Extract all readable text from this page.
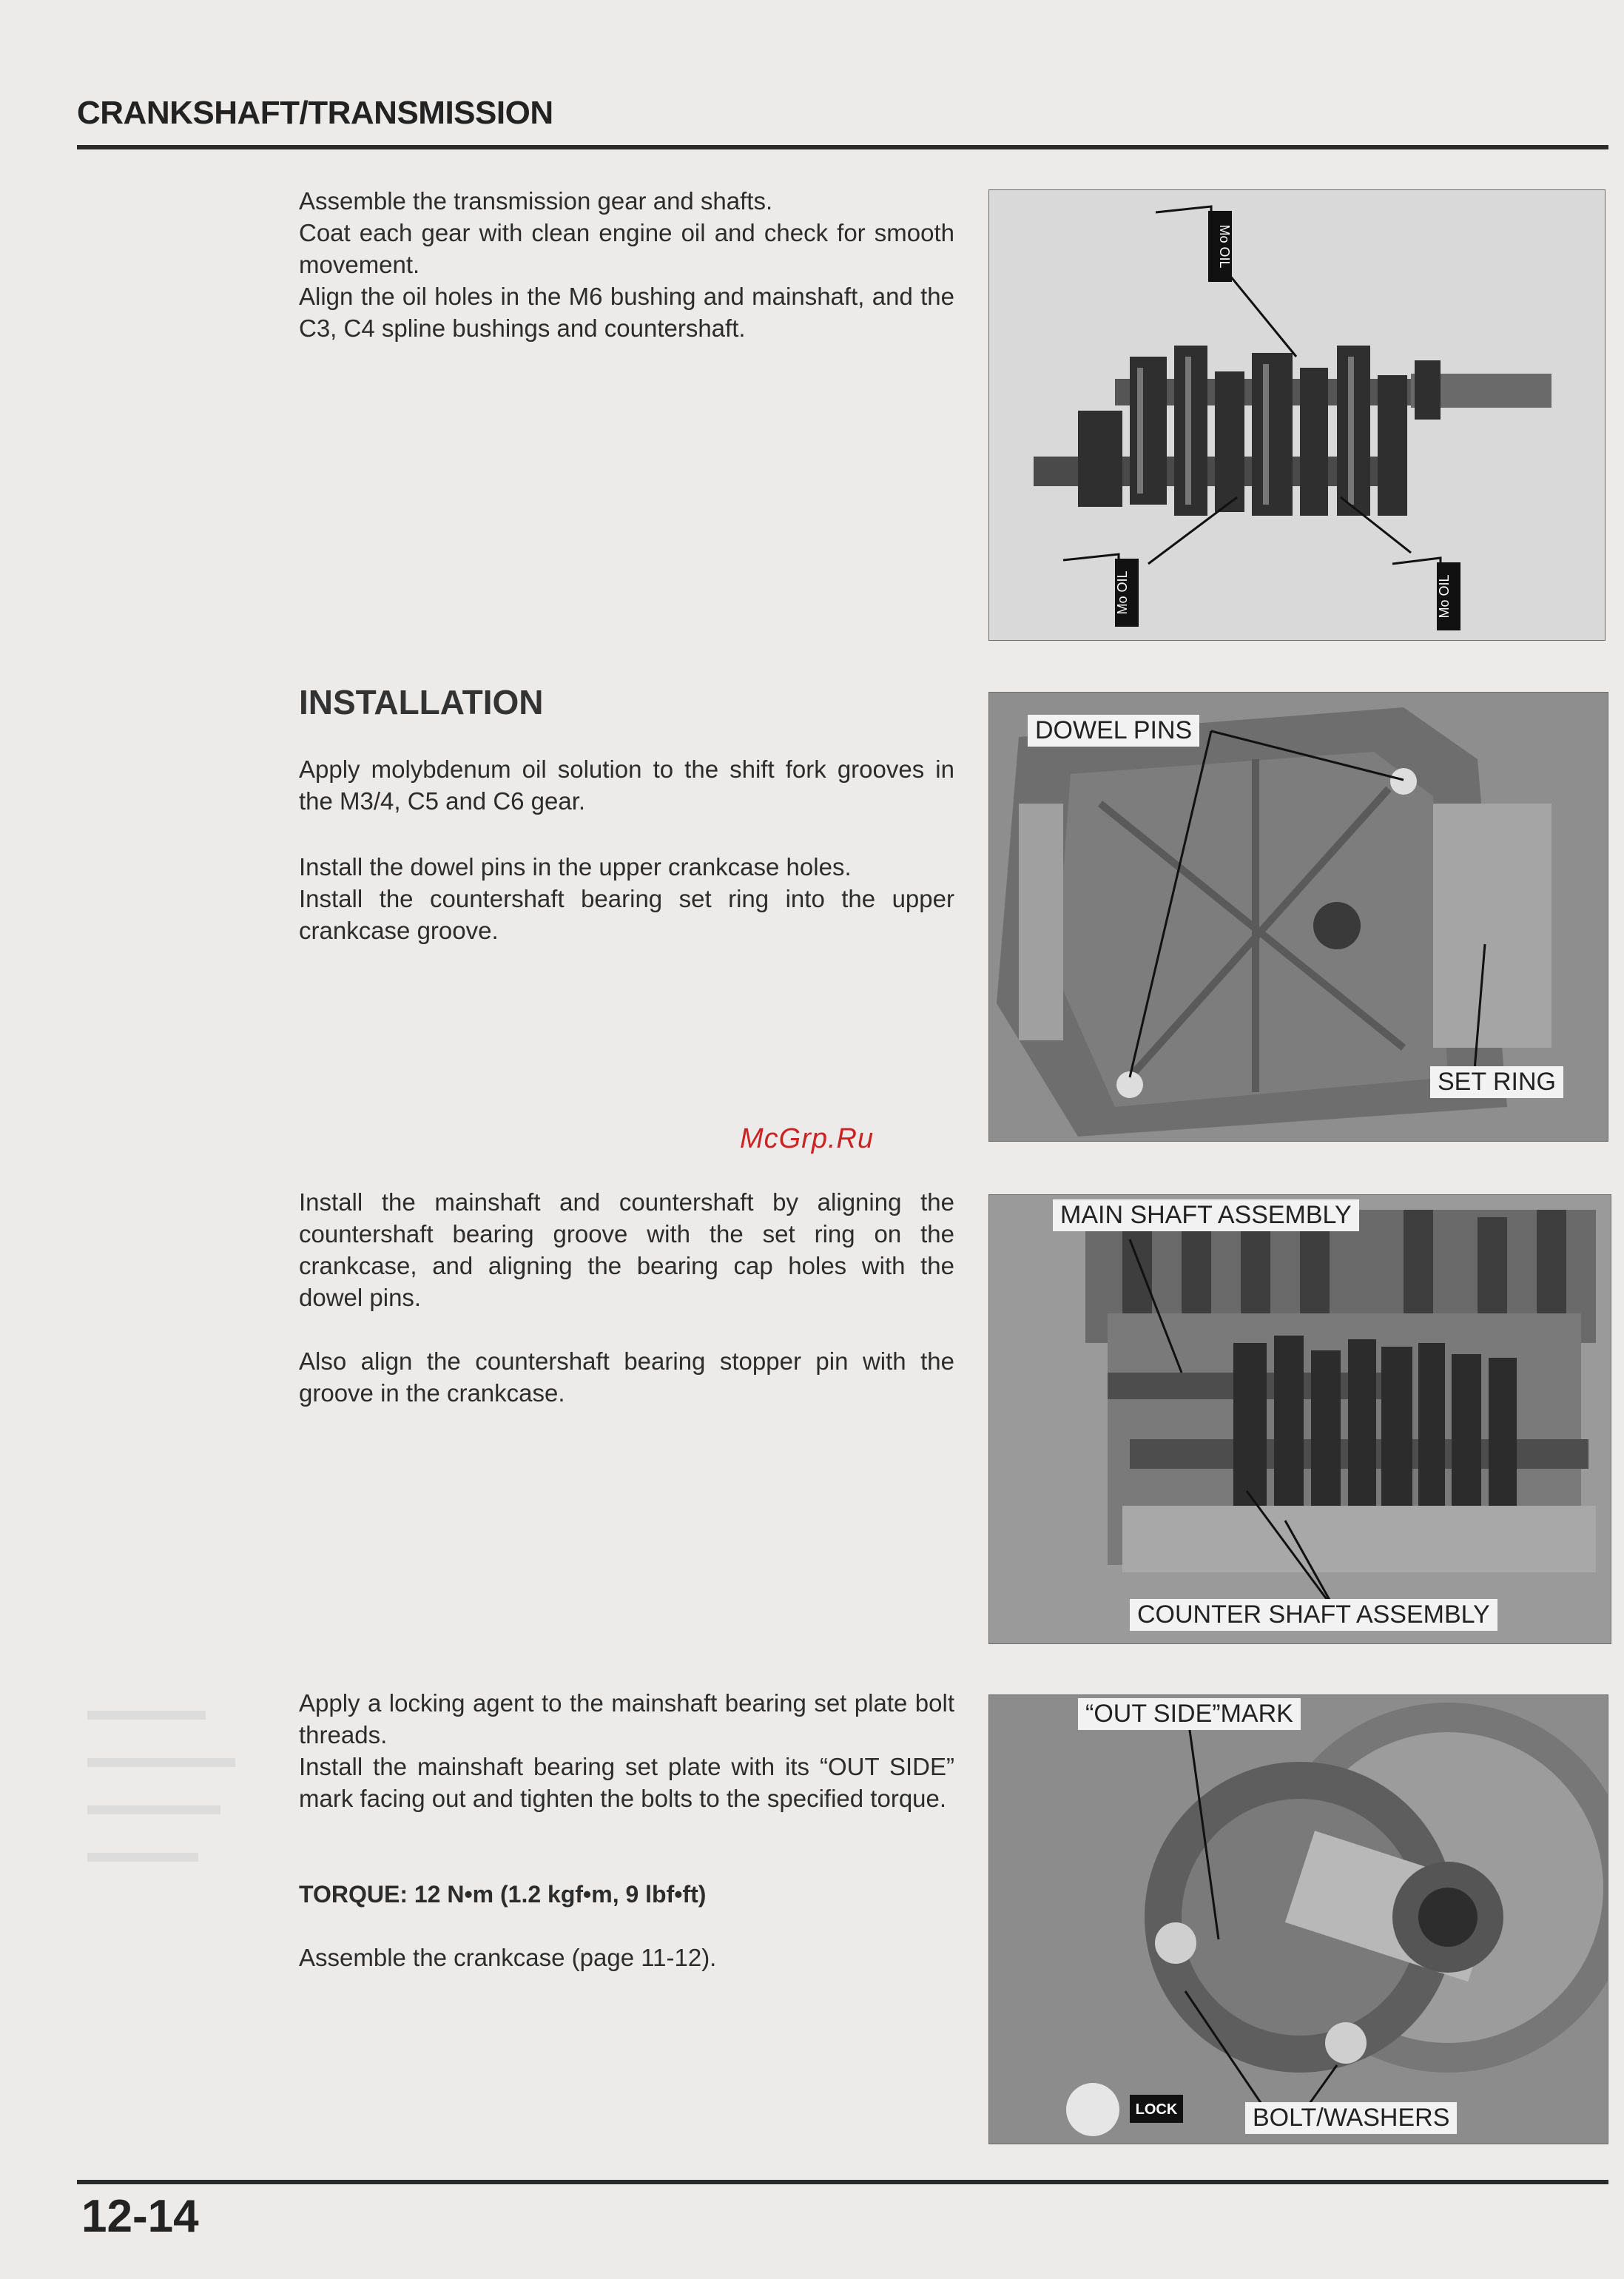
CRANKSHAFT/TRANSMISSION

Assemble the transmission gear and shafts.

Coat each gear with clean engine oil and check for smooth movement.

Align the oil holes in the M6 bushing and mainshaft, and the C3, C4 spline bushings and countershaft.

Mo OIL
Mo OIL	Mo OIL
INSTALLATION

Apply molybdenum oil solution to the shift fork grooves in the M3/4, C5 and C6 gear.

Install the dowel pins in the upper crankcase holes.

Install the countershaft bearing set ring into the upper crankcase groove.

DOWEL PINS
SET RING
McGrp.Ru

Install the mainshaft and countershaft by aligning the countershaft bearing groove with the set ring on the crankcase, and aligning the bearing cap holes with the dowel pins.

Also align the countershaft bearing stopper pin with the groove in the crankcase.

MAIN SHAFT ASSEMBLY
COUNTER SHAFT ASSEMBLY

Apply a locking agent to the mainshaft bearing set plate bolt threads.

Install the mainshaft bearing set plate with its “OUT SIDE” mark facing out and tighten the bolts to the specified torque.

TORQUE: 12 N•m (1.2 kgf•m, 9 lbf•ft)

Assemble the crankcase (page 11-12).

LOCK
“OUT SIDE”MARK
BOLT/WASHERS
12-14
